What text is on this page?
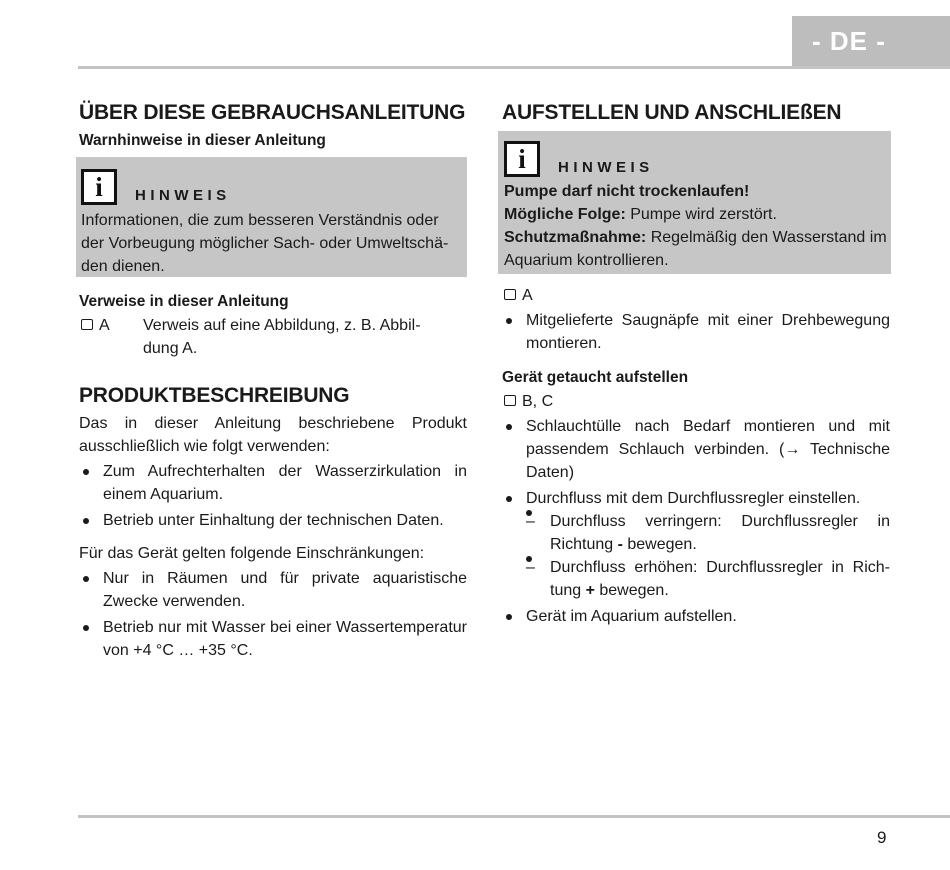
- DE -
ÜBER DIESE GEBRAUCHSANLEITUNG
Warnhinweise in dieser Anleitung
i HINWEIS

Informationen, die zum besseren Verständnis oder der Vorbeugung möglicher Sach- oder Umweltschäden dienen.

Verweise in dieser Anleitung
A	Verweis auf eine Abbildung, z. B. Abbildung A.
PRODUKTBESCHREIBUNG

Das in dieser Anleitung beschriebene Produkt ausschließlich wie folgt verwenden:

Zum Aufrechterhalten der Wasserzirkulation in einem Aquarium.
Betrieb unter Einhaltung der technischen Daten.

Für das Gerät gelten folgende Einschränkungen:

Nur in Räumen und für private aquaristische Zwecke verwenden.
Betrieb nur mit Wasser bei einer Wassertemperatur von +4 °C … +35 °C.
AUFSTELLEN UND ANSCHLIEßEN
i HINWEIS

Pumpe darf nicht trockenlaufen!

Mögliche Folge: Pumpe wird zerstört.

Schutzmaßnahme: Regelmäßig den Wasserstand im Aquarium kontrollieren.

A
Mitgelieferte Saugnäpfe mit einer Drehbewegung montieren.
Gerät getaucht aufstellen
B, C
Schlauchtülle nach Bedarf montieren und mit passendem Schlauch verbinden. (→ Technische Daten)
Durchfluss mit dem Durchflussregler einstellen.
– Durchfluss verringern: Durchflussregler in Richtung - bewegen.
– Durchfluss erhöhen: Durchflussregler in Richtung + bewegen.
Gerät im Aquarium aufstellen.
9
